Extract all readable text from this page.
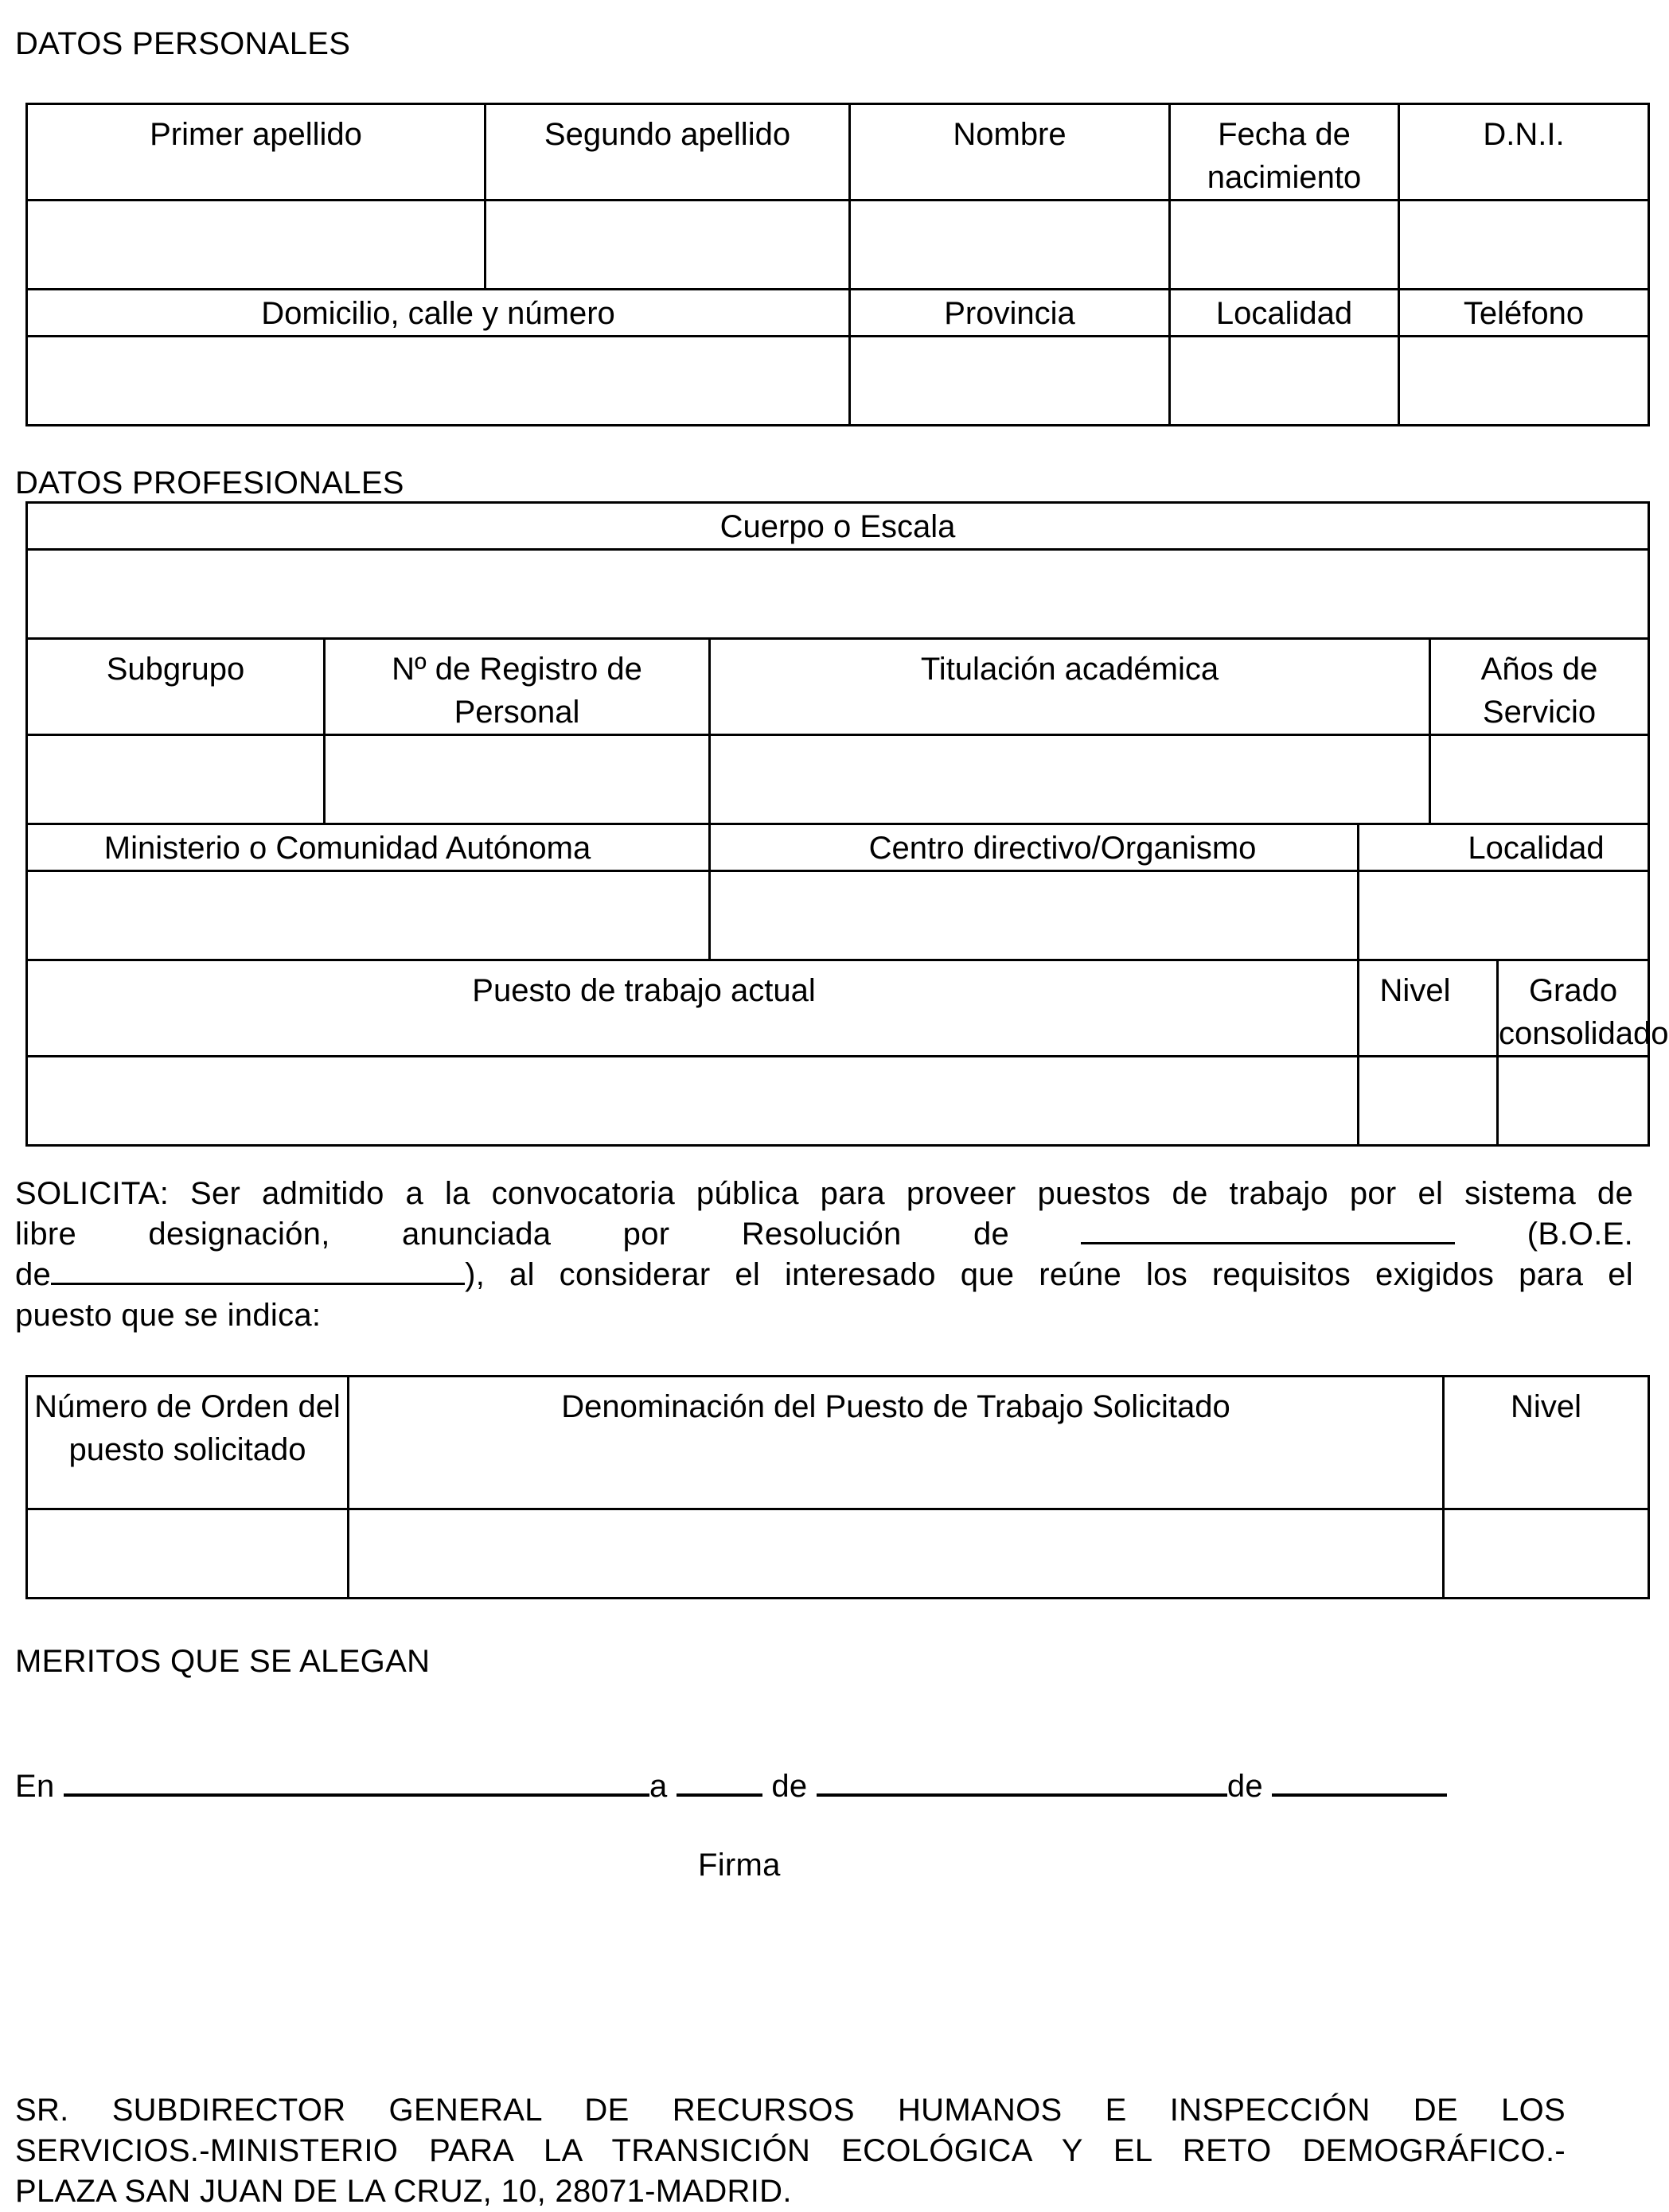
DATOS PERSONALES
Primer apellido	Segundo apellido	Nombre	Fecha de nacimiento	D.N.I.

Domicilio, calle y número		Provincia	Localidad	Teléfono

DATOS PROFESIONALES
Cuerpo o Escala					

Subgrupo	Nº de Registro de Personal	Titulación académica		Años de Servicio	

Ministerio o Comunidad Autónoma		Centro directivo/Organismo	Localidad		

Puesto de trabajo actual			Nivel		Grado consolidado

SOLICITA: Ser admitido a la convocatoria pública para proveer puestos de trabajo por el sistema de
libre designación, anunciada por Resolución de	(B.O.E.
de	), al considerar el interesado que reúne los requisitos exigidos para el
puesto que se indica:
Número de Orden del puesto solicitado	Denominación del Puesto de Trabajo Solicitado	Nivel

MERITOS QUE SE ALEGAN
En	a	de	de
Firma
SR. SUBDIRECTOR GENERAL DE RECURSOS HUMANOS E INSPECCIÓN DE LOS
SERVICIOS.-MINISTERIO PARA LA TRANSICIÓN ECOLÓGICA Y EL RETO DEMOGRÁFICO.-
PLAZA SAN JUAN DE LA CRUZ, 10, 28071-MADRID.
